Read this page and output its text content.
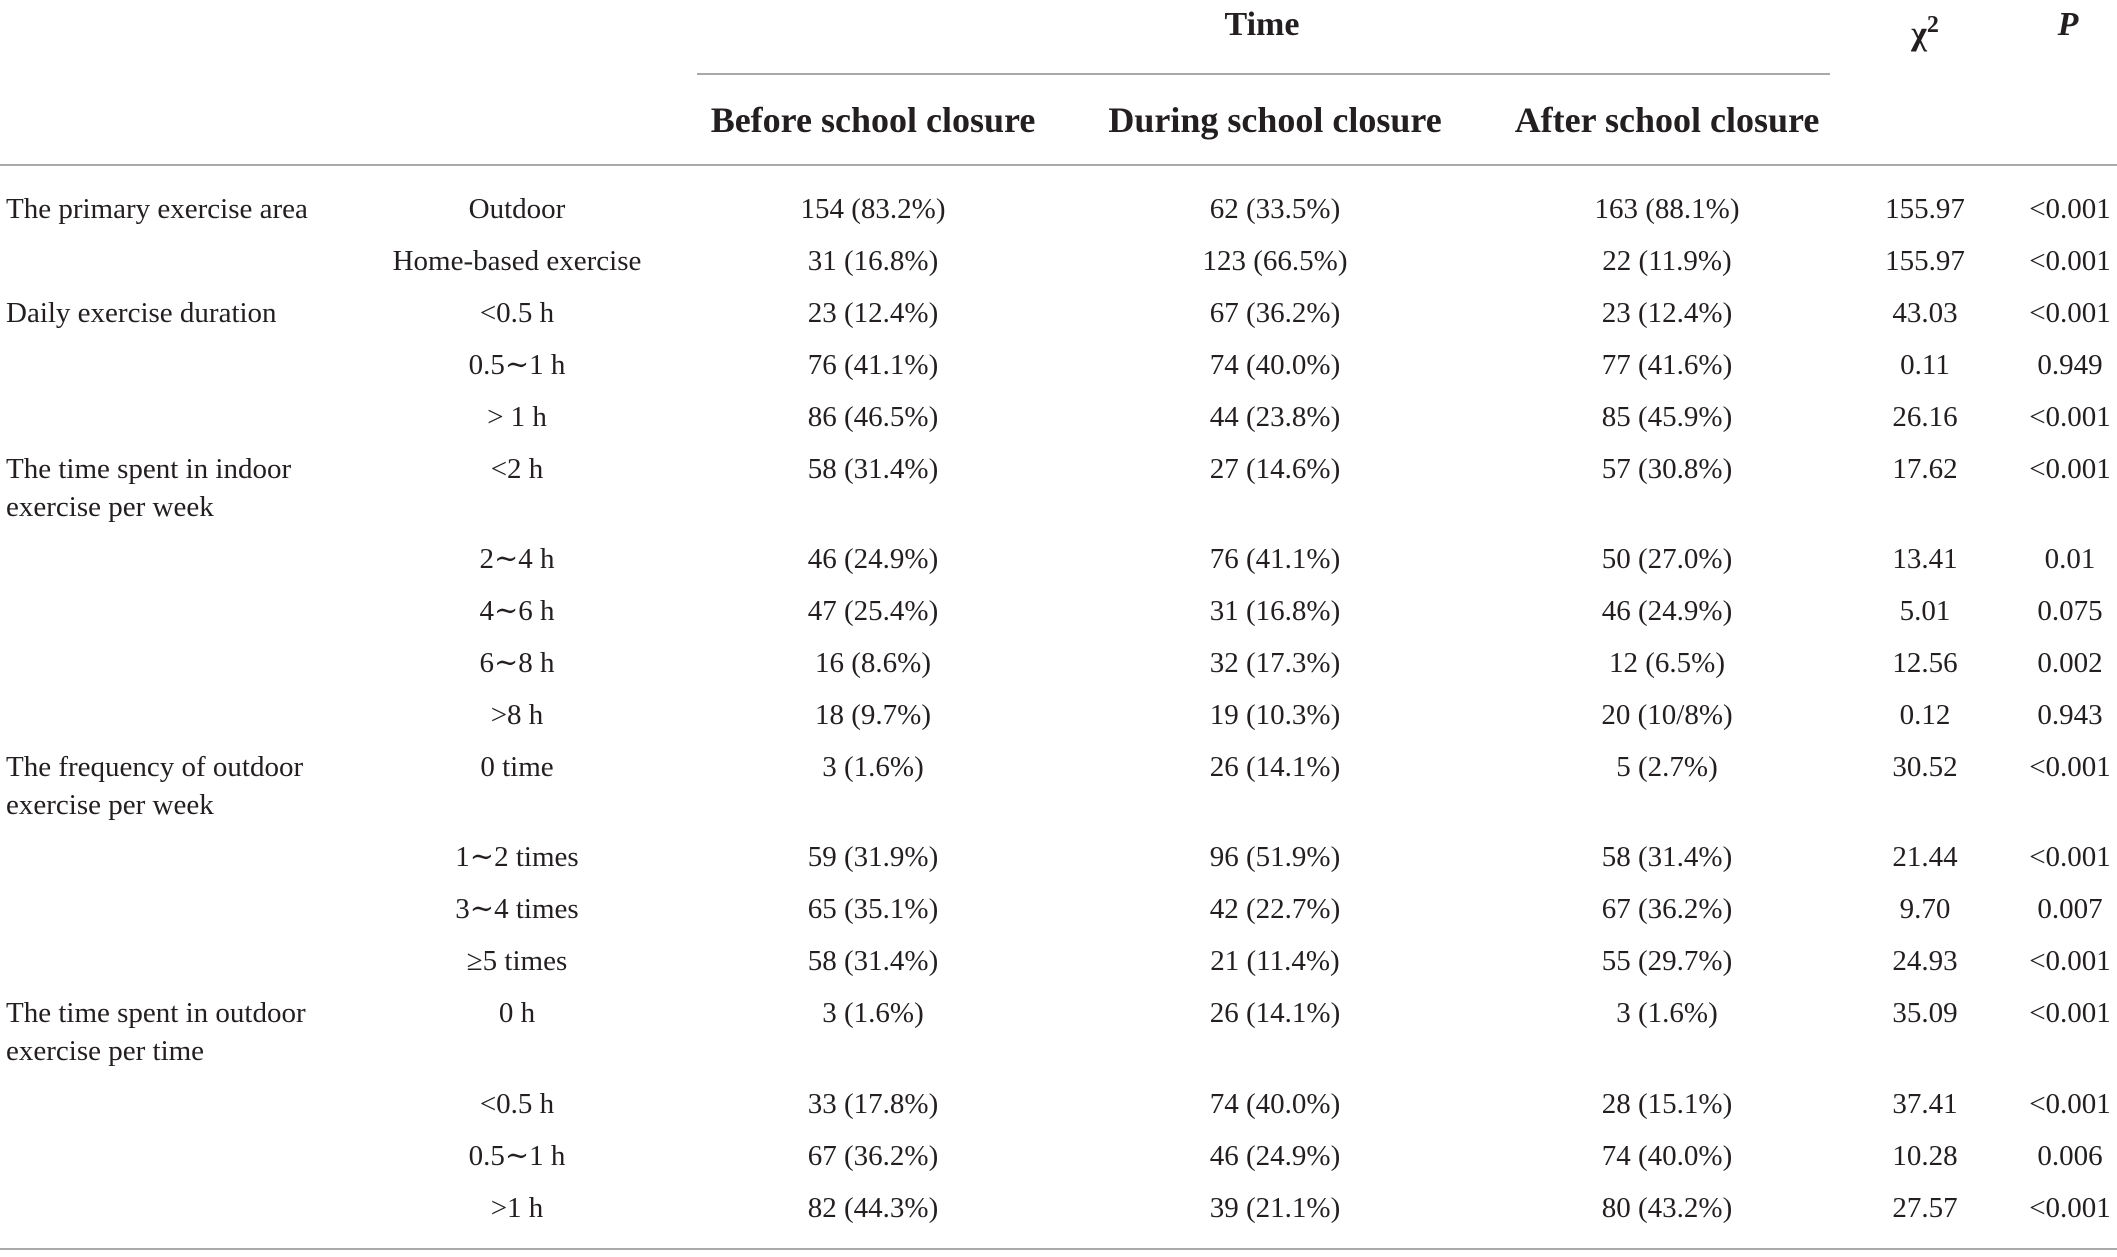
Time	$\chi^2$	P
Before school closure During school closure After school closure
The primary exercise area	Outdoor	154 (83.2%)	62 (33.5%)	163 (88.1%)	155.97 <0.001
Home-based exercise	31 (16.8%)	123 (66.5%)	22 (11.9%)	155.97 <0.001
Daily exercise duration	<0.5 h	23 (12.4%)	67 (36.2%)	23 (12.4%)	43.03 <0.001
0.5∼1 h	76 (41.1%)	74 (40.0%)	77 (41.6%)	0.11	0.949
> 1 h	86 (46.5%)	44 (23.8%)	85 (45.9%)	26.16 <0.001
The time spent in indoor exercise per week
<2 h	58 (31.4%)	27 (14.6%)	57 (30.8%)	17.62 <0.001
2∼4 h	46 (24.9%)	76 (41.1%)	50 (27.0%)	13.41	0.01
4∼6 h	47 (25.4%)	31 (16.8%)	46 (24.9%)	5.01	0.075
6∼8 h	16 (8.6%)	32 (17.3%)	12 (6.5%)	12.56	0.002
>8 h	18 (9.7%)	19 (10.3%)	20 (10/8%)	0.12	0.943
The frequency of outdoor exercise per week
0 time	3 (1.6%)	26 (14.1%)	5 (2.7%)	30.52 <0.001
1∼2 times	59 (31.9%)	96 (51.9%)	58 (31.4%)	21.44 <0.001
3∼4 times	65 (35.1%)	42 (22.7%)	67 (36.2%)	9.70	0.007
≥5 times	58 (31.4%)	21 (11.4%)	55 (29.7%)	24.93 <0.001
The time spent in outdoor exercise per time
0 h	3 (1.6%)	26 (14.1%)	3 (1.6%)	35.09 <0.001
<0.5 h	33 (17.8%)	74 (40.0%)	28 (15.1%)	37.41 <0.001
0.5∼1 h	67 (36.2%)	46 (24.9%)	74 (40.0%)	10.28	0.006
>1 h	82 (44.3%)	39 (21.1%)	80 (43.2%)	27.57 <0.001
